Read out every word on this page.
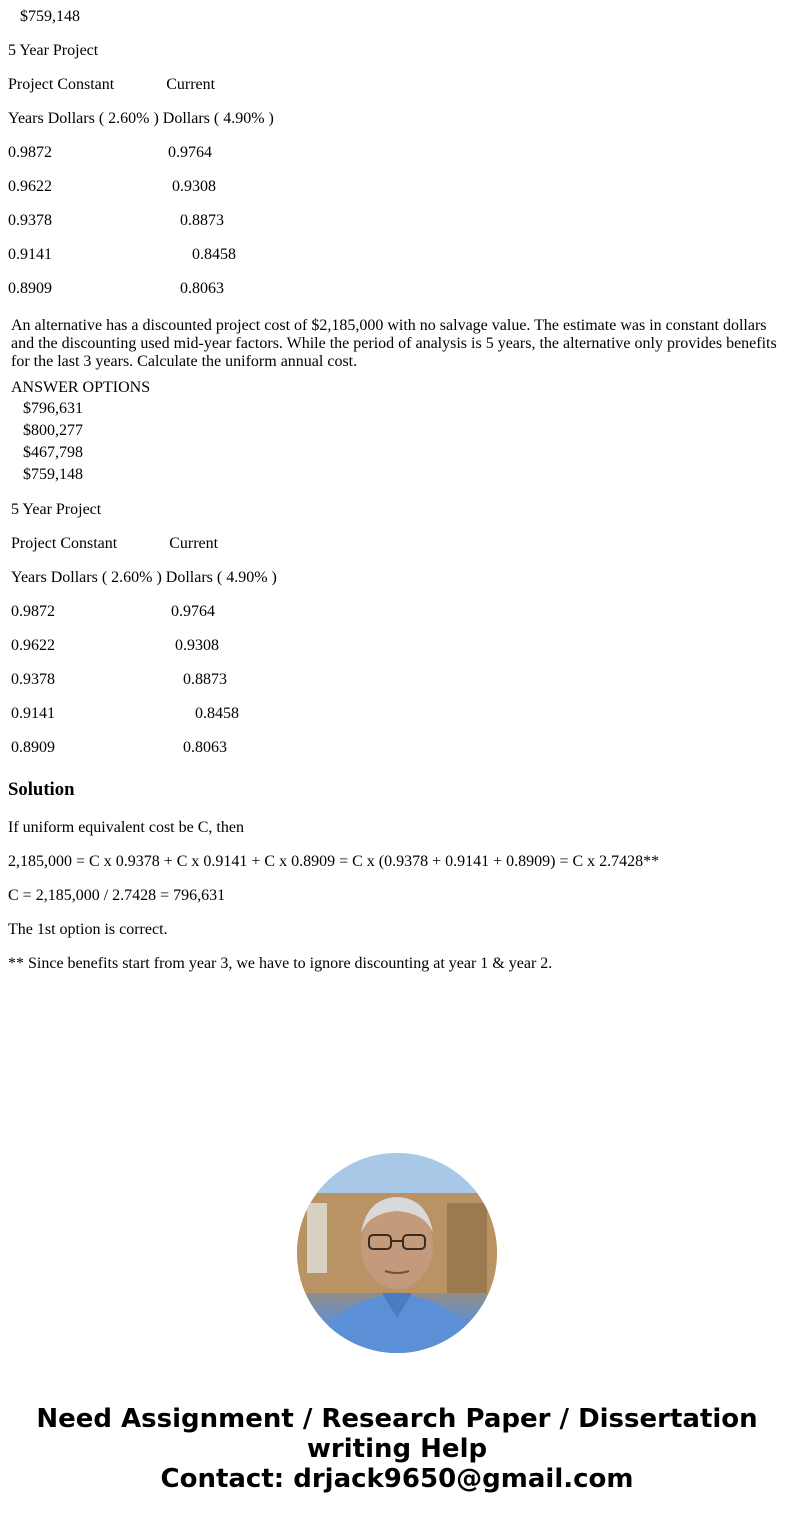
$759,148
5 Year Project
Project Constant             Current
Years Dollars ( 2.60% ) Dollars ( 4.90% )
0.9872	0.9764
0.9622	0.9308
0.9378	0.8873
0.9141	0.8458
0.8909	0.8063

An alternative has a discounted project cost of $2,185,000 with no salvage value. The estimate was in constant dollars and the discounting used mid-year factors. While the period of analysis is 5 years, the alternative only provides benefits for the last 3 years. Calculate the uniform annual cost.

ANSWER OPTIONS
$796,631
$800,277
$467,798
$759,148
5 Year Project
Project Constant             Current
Years Dollars ( 2.60% ) Dollars ( 4.90% )
0.9872	0.9764
0.9622	0.9308
0.9378	0.8873
0.9141	0.8458
0.8909	0.8063
Solution
If uniform equivalent cost be C, then
2,185,000 = C x 0.9378 + C x 0.9141 + C x 0.8909 = C x (0.9378 + 0.9141 + 0.8909) = C x 2.7428**
C = 2,185,000 / 2.7428 = 796,631
The 1st option is correct.
** Since benefits start from year 3, we have to ignore discounting at year 1 & year 2.
Need Assignment / Research Paper / Dissertation
writing Help
Contact: drjack9650@gmail.com
